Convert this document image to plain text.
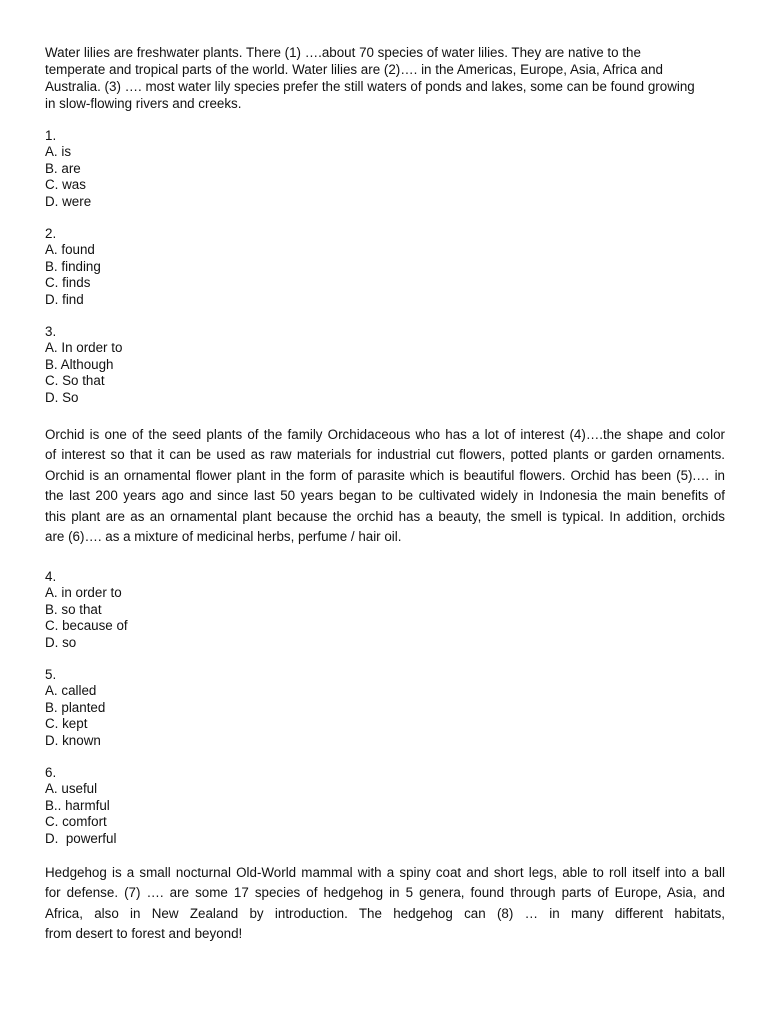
Water lilies are freshwater plants. There (1) ….about 70 species of water lilies. They are native to the
temperate and tropical parts of the world. Water lilies are (2)…. in the Americas, Europe, Asia, Africa and
Australia. (3) …. most water lily species prefer the still waters of ponds and lakes, some can be found growing
in slow-flowing rivers and creeks.
1.
A. is
B. are
C. was
D. were
2.
A. found
B. finding
C. finds
D. find
3.
A. In order to
B. Although
C. So that
D. So
Orchid is one of the seed plants of the family Orchidaceous who has a lot of interest (4)….the shape and color
of interest so that it can be used as raw materials for industrial cut flowers, potted plants or garden ornaments.
Orchid is an ornamental flower plant in the form of parasite which is beautiful flowers. Orchid has been (5).… in
the last 200 years ago and since last 50 years began to be cultivated widely in Indonesia the main benefits of
this plant are as an ornamental plant because the orchid has a beauty, the smell is typical. In addition, orchids
are (6)…. as a mixture of medicinal herbs, perfume / hair oil.
4.
A. in order to
B. so that
C. because of
D. so
5.
A. called
B. planted
C. kept
D. known
6.
A. useful
B.. harmful
C. comfort
D.  powerful
Hedgehog is a small nocturnal Old-World mammal with a spiny coat and short legs, able to roll itself into a ball
for defense. (7) …. are some 17 species of hedgehog in 5 genera, found through parts of Europe, Asia, and
Africa, also in New Zealand by introduction. The hedgehog can (8) … in many different habitats,
from desert to forest and beyond!
